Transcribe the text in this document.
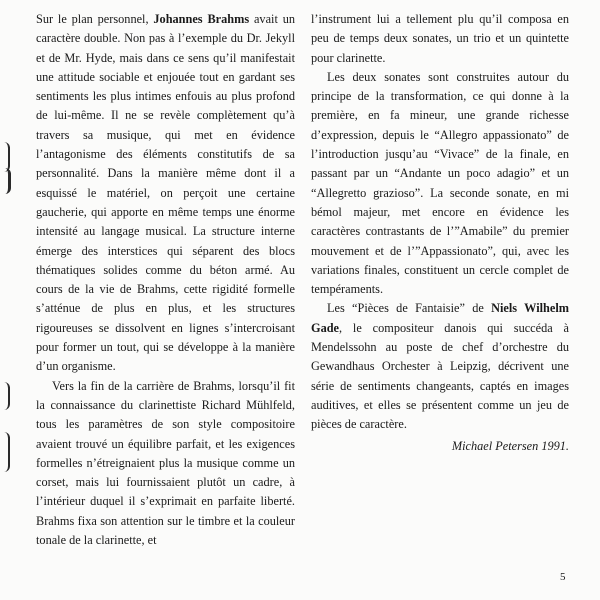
Sur le plan personnel, Johannes Brahms avait un caractère double. Non pas à l’exemple du Dr. Jekyll et de Mr. Hyde, mais dans ce sens qu’il manifestait une attitude sociable et enjouée tout en gardant ses sentiments les plus intimes enfouis au plus profond de lui-même. Il ne se revèle complètement qu’à travers sa musique, qui met en évidence l’antagonisme des éléments constitutifs de sa personnalité. Dans la manière même dont il a esquissé le matériel, on perçoit une certaine gaucherie, qui apporte en même temps une énorme intensité au langage musical. La structure interne émerge des interstices qui séparent des blocs thématiques solides comme du béton armé. Au cours de la vie de Brahms, cette rigidité formelle s’atténue de plus en plus, et les structures rigoureuses se dissolvent en lignes s’intercroisant pour former un tout, qui se développe à la manière d’un organisme.

Vers la fin de la carrière de Brahms, lorsqu’il fit la connaissance du clarinettiste Richard Mühlfeld, tous les paramètres de son style compositoire avaient trouvé un équilibre parfait, et les exigences formelles n’étreignaient plus la musique comme un corset, mais lui fournissaient plutôt un cadre, à l’intérieur duquel il s’exprimait en parfaite liberté. Brahms fixa son attention sur le timbre et la couleur tonale de la clarinette, et

l’instrument lui a tellement plu qu’il composa en peu de temps deux sonates, un trio et un quintette pour clarinette.

Les deux sonates sont construites autour du principe de la transformation, ce qui donne à la première, en fa mineur, une grande richesse d’expression, depuis le “Allegro appassionato” de l’introduction jusqu’au “Vivace” de la finale, en passant par un “Andante un poco adagio” et un “Allegretto grazioso”. La seconde sonate, en mi bémol majeur, met encore en évidence les caractères contrastants de l’”Amabile” du premier mouvement et de l’”Appassionato”, qui, avec les variations finales, constituent un cercle complet de tempéraments.

Les “Pièces de Fantaisie” de Niels Wilhelm Gade, le compositeur danois qui succéda à Mendelssohn au poste de chef d’orchestre du Gewandhaus Orchester à Leipzig, décrivent une série de sentiments changeants, captés en images auditives, et elles se présentent comme un jeu de pièces de caractère.

Michael Petersen 1991.
5
